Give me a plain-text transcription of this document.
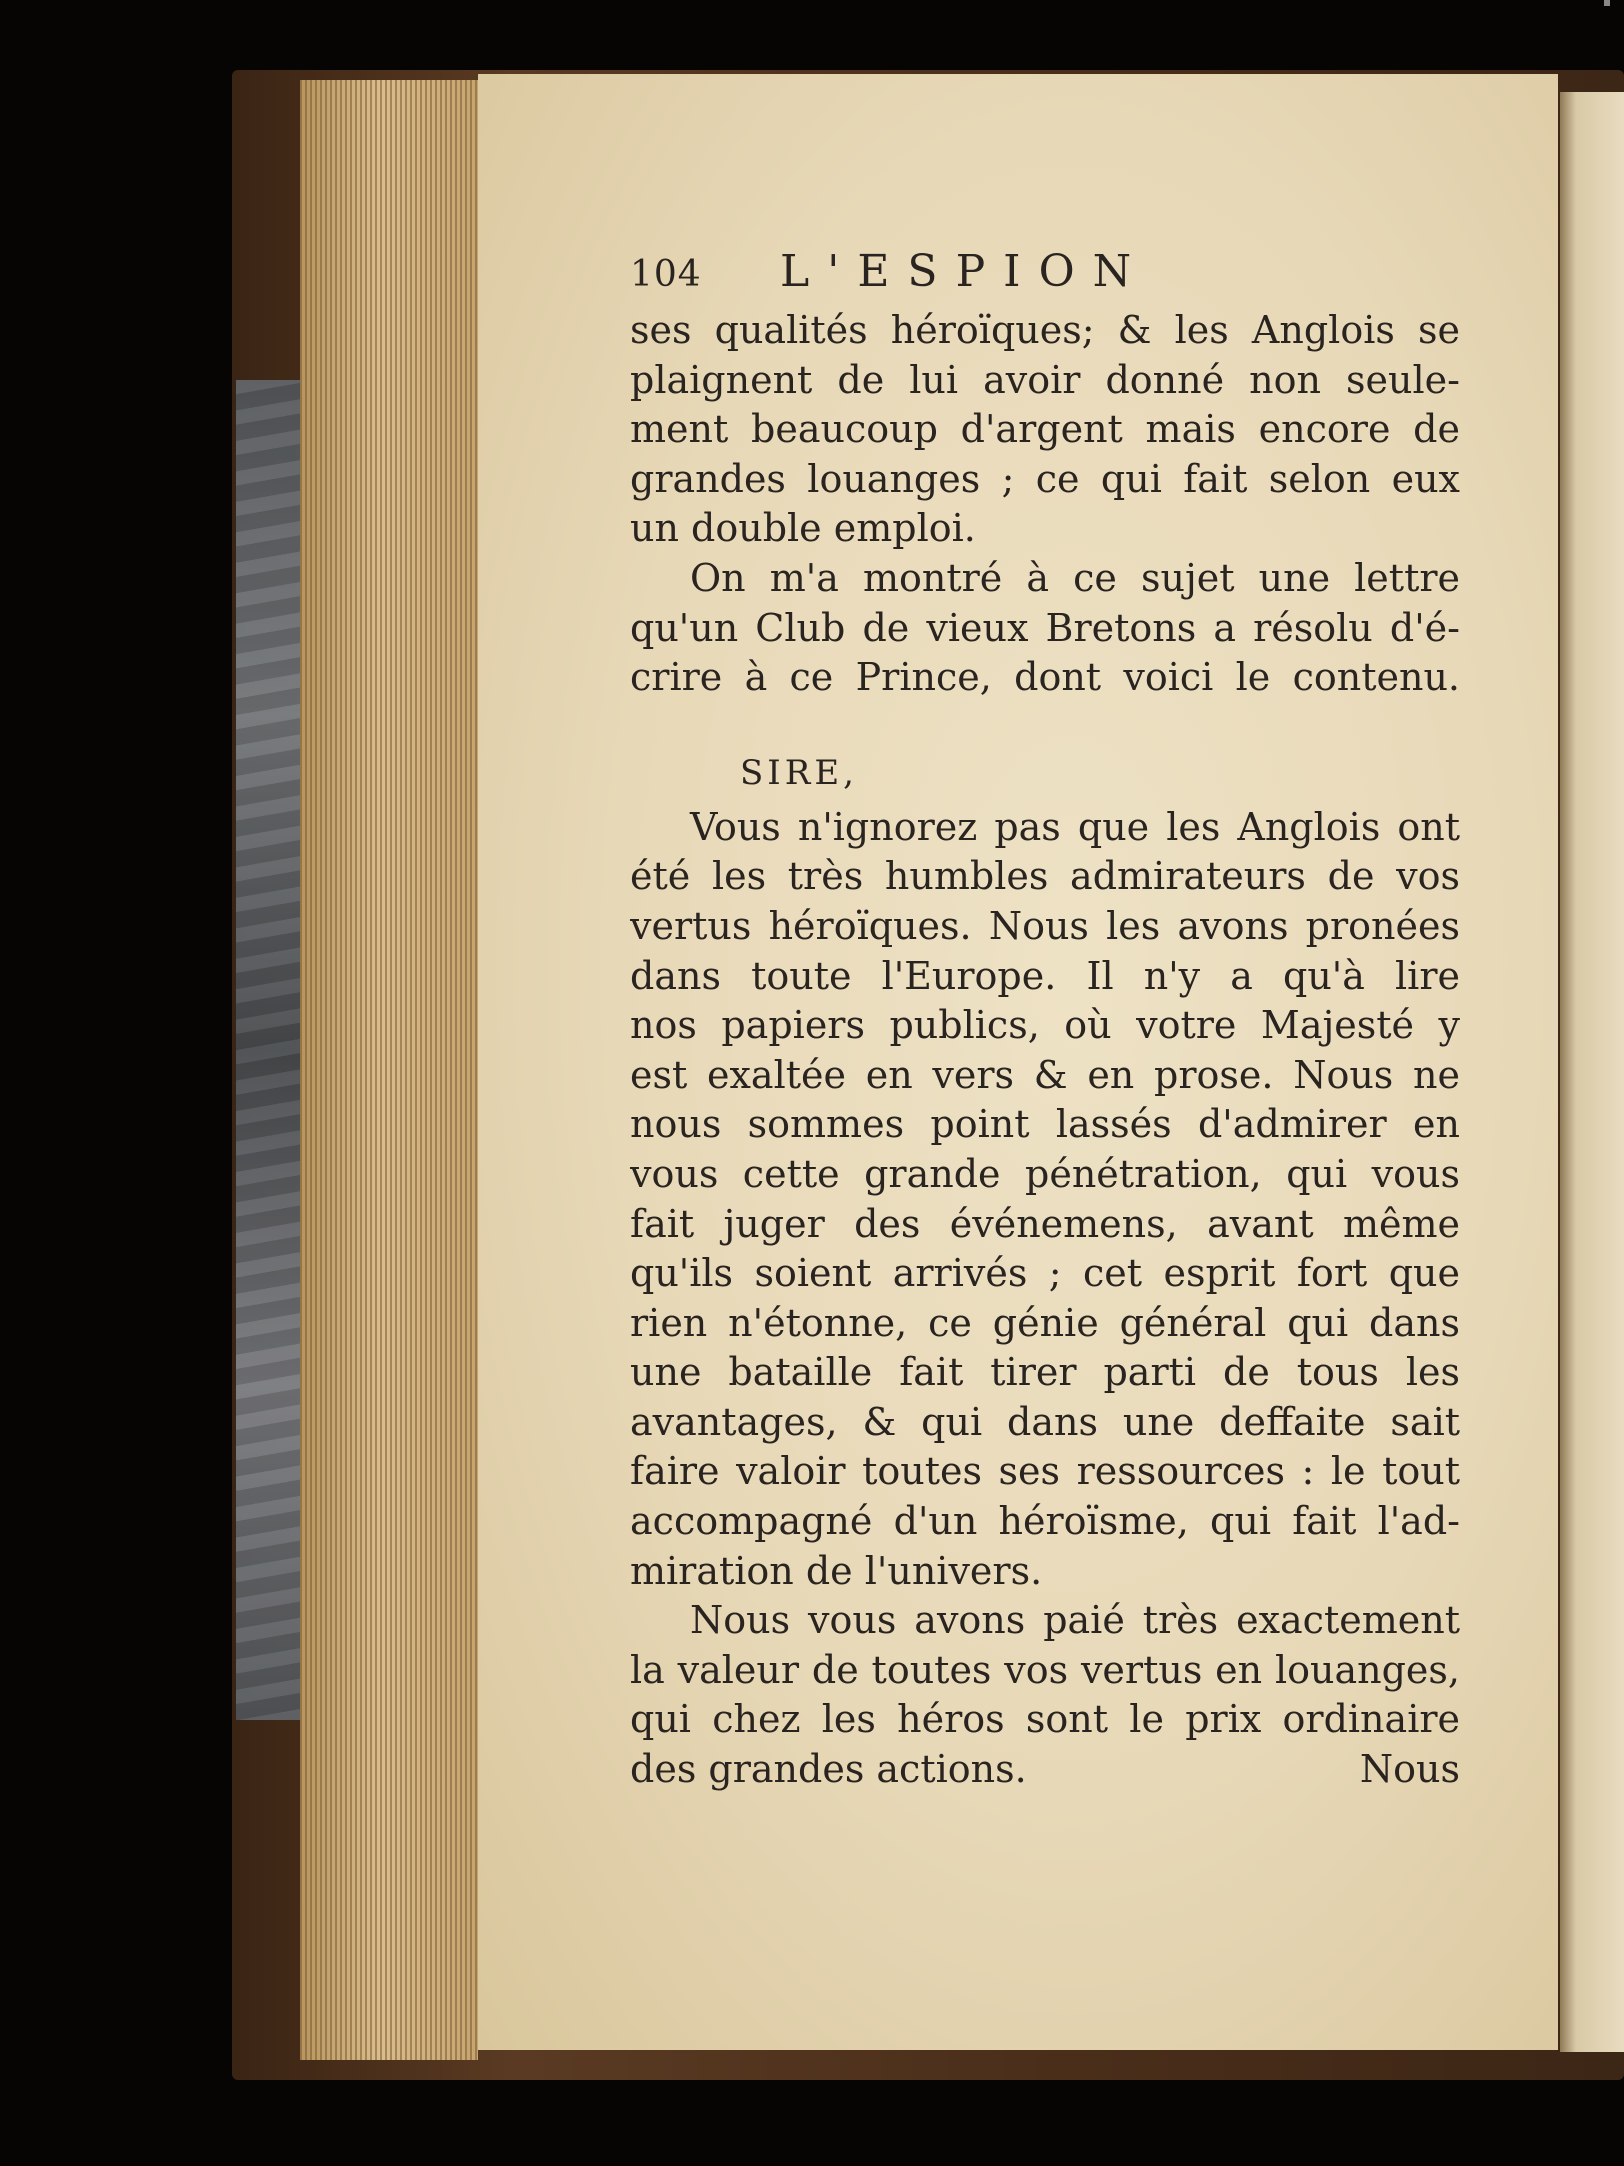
104	L'ESPION
ses qualités héroïques; & les Anglois se
plaignent de lui avoir donné non seule-
ment beaucoup d'argent mais encore de
grandes louanges ; ce qui fait selon eux
un double emploi.
On m'a montré à ce sujet une lettre
qu'un Club de vieux Bretons a résolu d'é-
crire à ce Prince, dont voici le contenu.
SIRE,
Vous n'ignorez pas que les Anglois ont
été les très humbles admirateurs de vos
vertus héroïques. Nous les avons pronées
dans toute l'Europe. Il n'y a qu'à lire
nos papiers publics, où votre Majesté y
est exaltée en vers & en prose. Nous ne
nous sommes point lassés d'admirer en
vous cette grande pénétration, qui vous
fait juger des événemens, avant même
qu'ils soient arrivés ; cet esprit fort que
rien n'étonne, ce génie général qui dans
une bataille fait tirer parti de tous les
avantages, & qui dans une deffaite sait
faire valoir toutes ses ressources : le tout
accompagné d'un héroïsme, qui fait l'ad-
miration de l'univers.
Nous vous avons paié très exactement
la valeur de toutes vos vertus en louanges,
qui chez les héros sont le prix ordinaire
des grandes actions.	Nous
